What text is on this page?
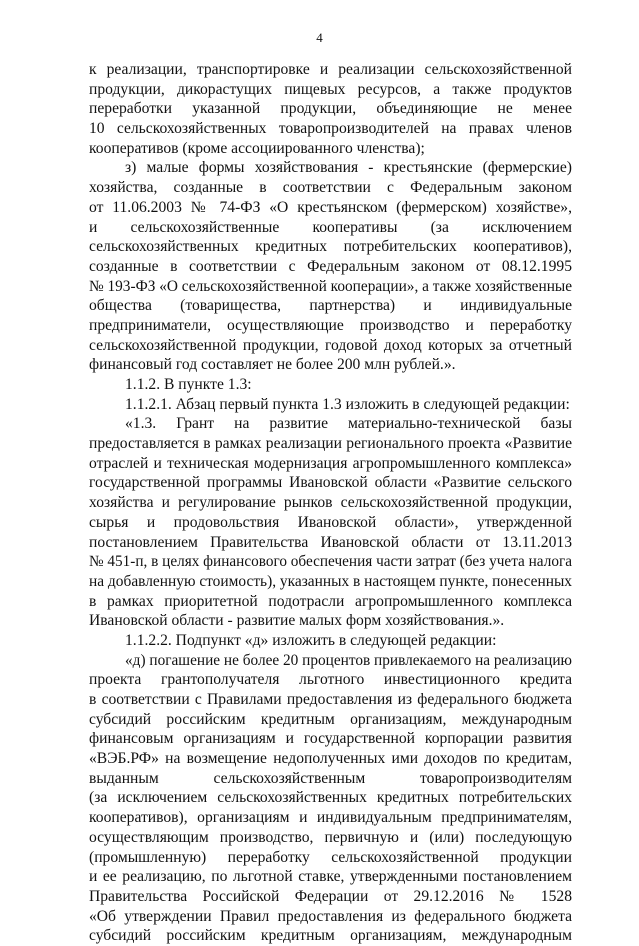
4
к реализации, транспортировке и реализации сельскохозяйственной
продукции, дикорастущих пищевых ресурсов, а также продуктов
переработки указанной продукции, объединяющие не менее
10 сельскохозяйственных товаропроизводителей на правах членов
кооперативов (кроме ассоциированного членства);
з) малые формы хозяйствования - крестьянские (фермерские)
хозяйства, созданные в соответствии с Федеральным законом
от 11.06.2003 № 74-ФЗ «О крестьянском (фермерском) хозяйстве»,
и сельскохозяйственные кооперативы (за исключением
сельскохозяйственных кредитных потребительских кооперативов),
созданные в соответствии с Федеральным законом от 08.12.1995
№ 193-ФЗ «О сельскохозяйственной кооперации», а также хозяйственные
общества (товарищества, партнерства) и индивидуальные
предприниматели, осуществляющие производство и переработку
сельскохозяйственной продукции, годовой доход которых за отчетный
финансовый год составляет не более 200 млн рублей.».
1.1.2. В пункте 1.3:
1.1.2.1. Абзац первый пункта 1.3 изложить в следующей редакции:
«1.3. Грант на развитие материально-технической базы
предоставляется в рамках реализации регионального проекта «Развитие
отраслей и техническая модернизация агропромышленного комплекса»
государственной программы Ивановской области «Развитие сельского
хозяйства и регулирование рынков сельскохозяйственной продукции,
сырья и продовольствия Ивановской области», утвержденной
постановлением Правительства Ивановской области от 13.11.2013
№ 451-п, в целях финансового обеспечения части затрат (без учета налога
на добавленную стоимость), указанных в настоящем пункте, понесенных
в рамках приоритетной подотрасли агропромышленного комплекса
Ивановской области - развитие малых форм хозяйствования.».
1.1.2.2. Подпункт «д» изложить в следующей редакции:
«д) погашение не более 20 процентов привлекаемого на реализацию
проекта грантополучателя льготного инвестиционного кредита
в соответствии с Правилами предоставления из федерального бюджета
субсидий российским кредитным организациям, международным
финансовым организациям и государственной корпорации развития
«ВЭБ.РФ» на возмещение недополученных ими доходов по кредитам,
выданным сельскохозяйственным товаропроизводителям
(за исключением сельскохозяйственных кредитных потребительских
кооперативов), организациям и индивидуальным предпринимателям,
осуществляющим производство, первичную и (или) последующую
(промышленную) переработку сельскохозяйственной продукции
и ее реализацию, по льготной ставке, утвержденными постановлением
Правительства Российской Федерации от 29.12.2016 № 1528
«Об утверждении Правил предоставления из федерального бюджета
субсидий российским кредитным организациям, международным
